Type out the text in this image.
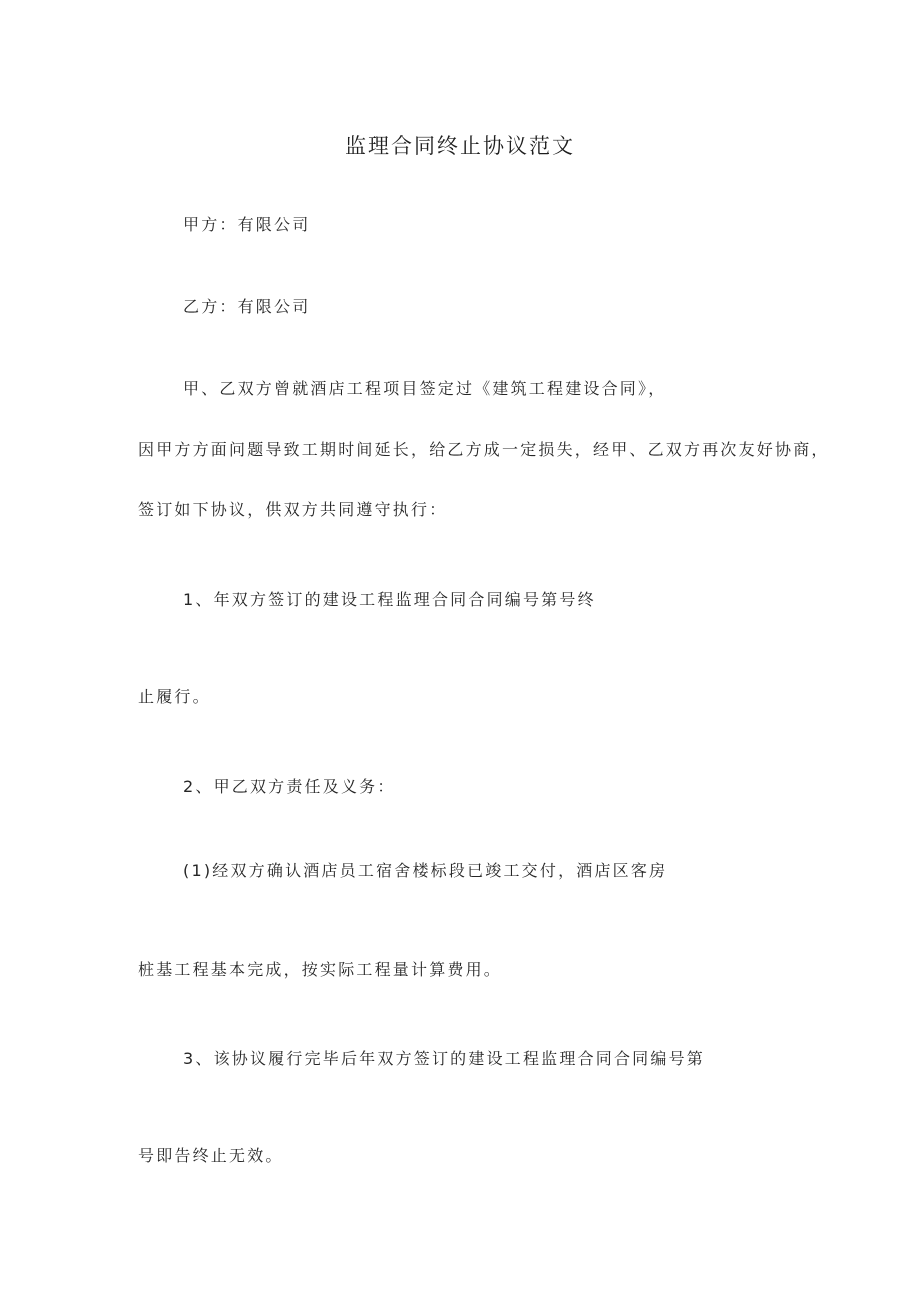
监理合同终止协议范文
甲方：有限公司
乙方：有限公司
甲、乙双方曾就酒店工程项目签定过《建筑工程建设合同》，
因甲方方面问题导致工期时间延长，给乙方成一定损失，经甲、乙双方再次友好协商，
签订如下协议，供双方共同遵守执行：
1、年双方签订的建设工程监理合同合同编号第号终
止履行。
2、甲乙双方责任及义务：
(1)经双方确认酒店员工宿舍楼标段已竣工交付，酒店区客房
桩基工程基本完成，按实际工程量计算费用。
3、该协议履行完毕后年双方签订的建设工程监理合同合同编号第
号即告终止无效。
